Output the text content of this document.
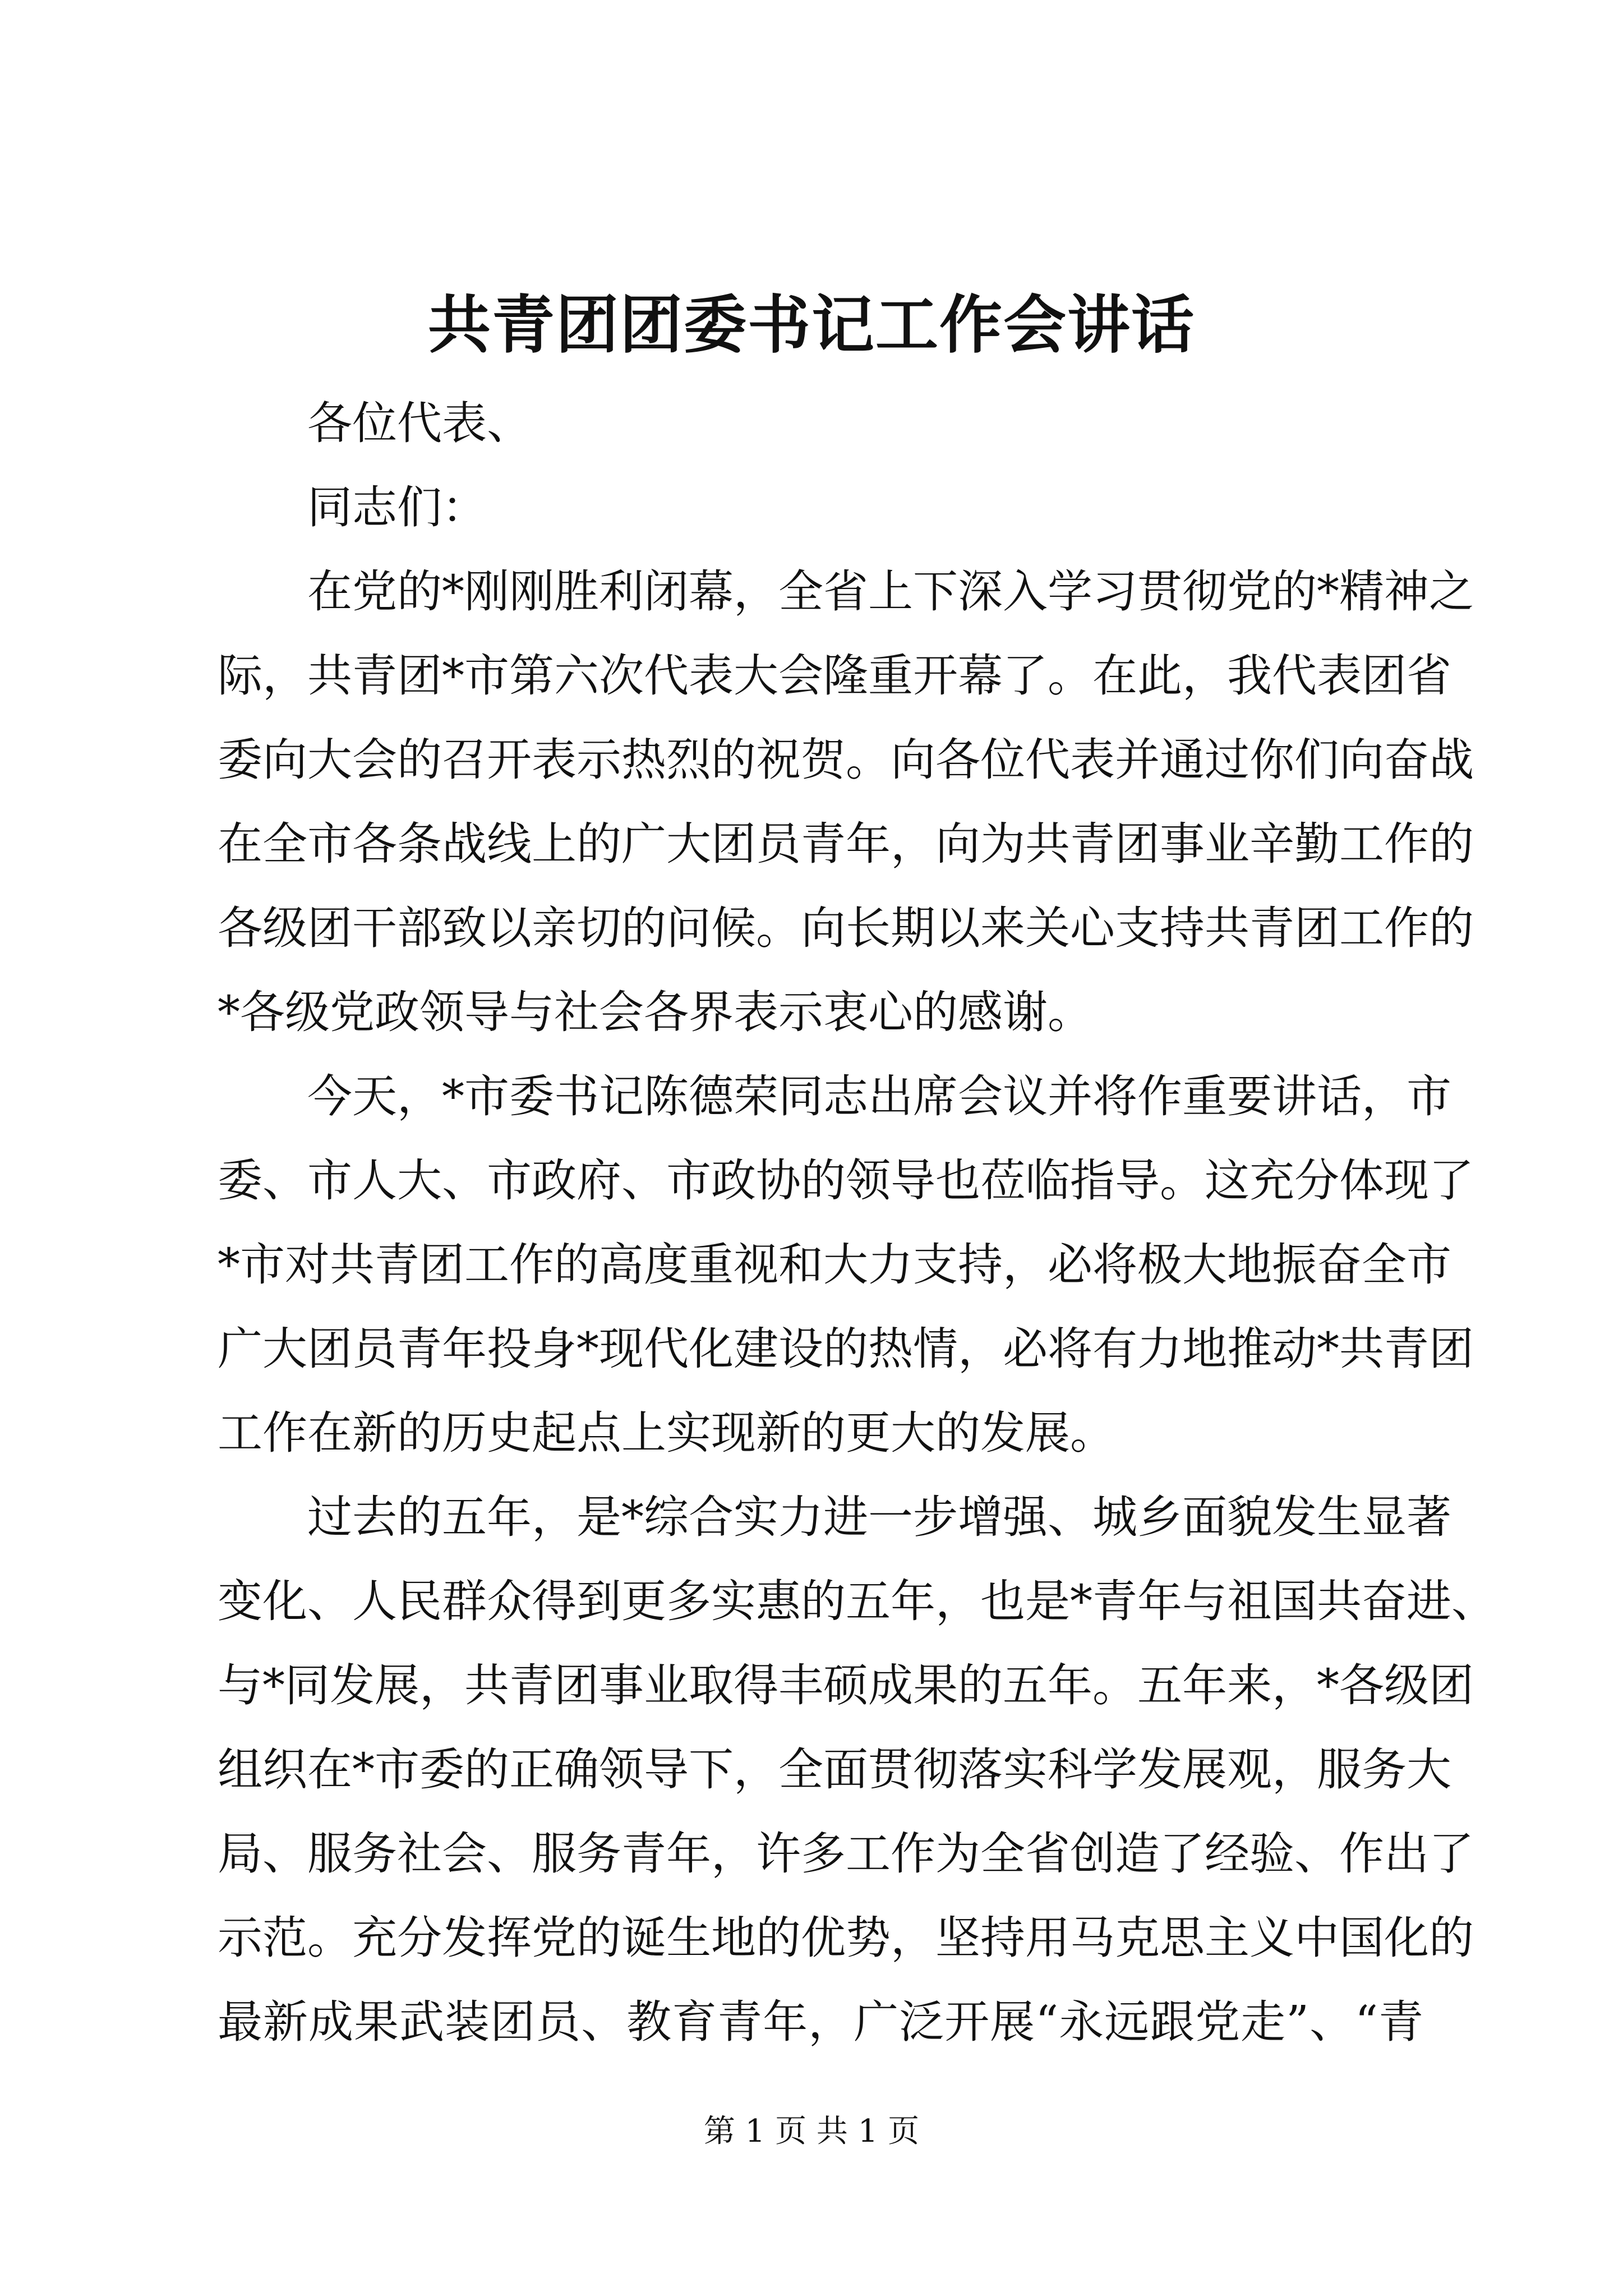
共青团团委书记工作会讲话
各位代表、
同志们：
在党的*刚刚胜利闭幕，全省上下深入学习贯彻党的*精神之
际，共青团*市第六次代表大会隆重开幕了。在此，我代表团省
委向大会的召开表示热烈的祝贺。向各位代表并通过你们向奋战
在全市各条战线上的广大团员青年，向为共青团事业辛勤工作的
各级团干部致以亲切的问候。向长期以来关心支持共青团工作的
*各级党政领导与社会各界表示衷心的感谢。
今天，*市委书记陈德荣同志出席会议并将作重要讲话，市
委、市人大、市政府、市政协的领导也莅临指导。这充分体现了
*市对共青团工作的高度重视和大力支持，必将极大地振奋全市
广大团员青年投身*现代化建设的热情，必将有力地推动*共青团
工作在新的历史起点上实现新的更大的发展。
过去的五年，是*综合实力进一步增强、城乡面貌发生显著
变化、人民群众得到更多实惠的五年，也是*青年与祖国共奋进、
与*同发展，共青团事业取得丰硕成果的五年。五年来，*各级团
组织在*市委的正确领导下，全面贯彻落实科学发展观，服务大
局、服务社会、服务青年，许多工作为全省创造了经验、作出了
示范。充分发挥党的诞生地的优势，坚持用马克思主义中国化的
最新成果武装团员、教育青年，广泛开展“永远跟党走”、“青
第 1 页 共 1 页
